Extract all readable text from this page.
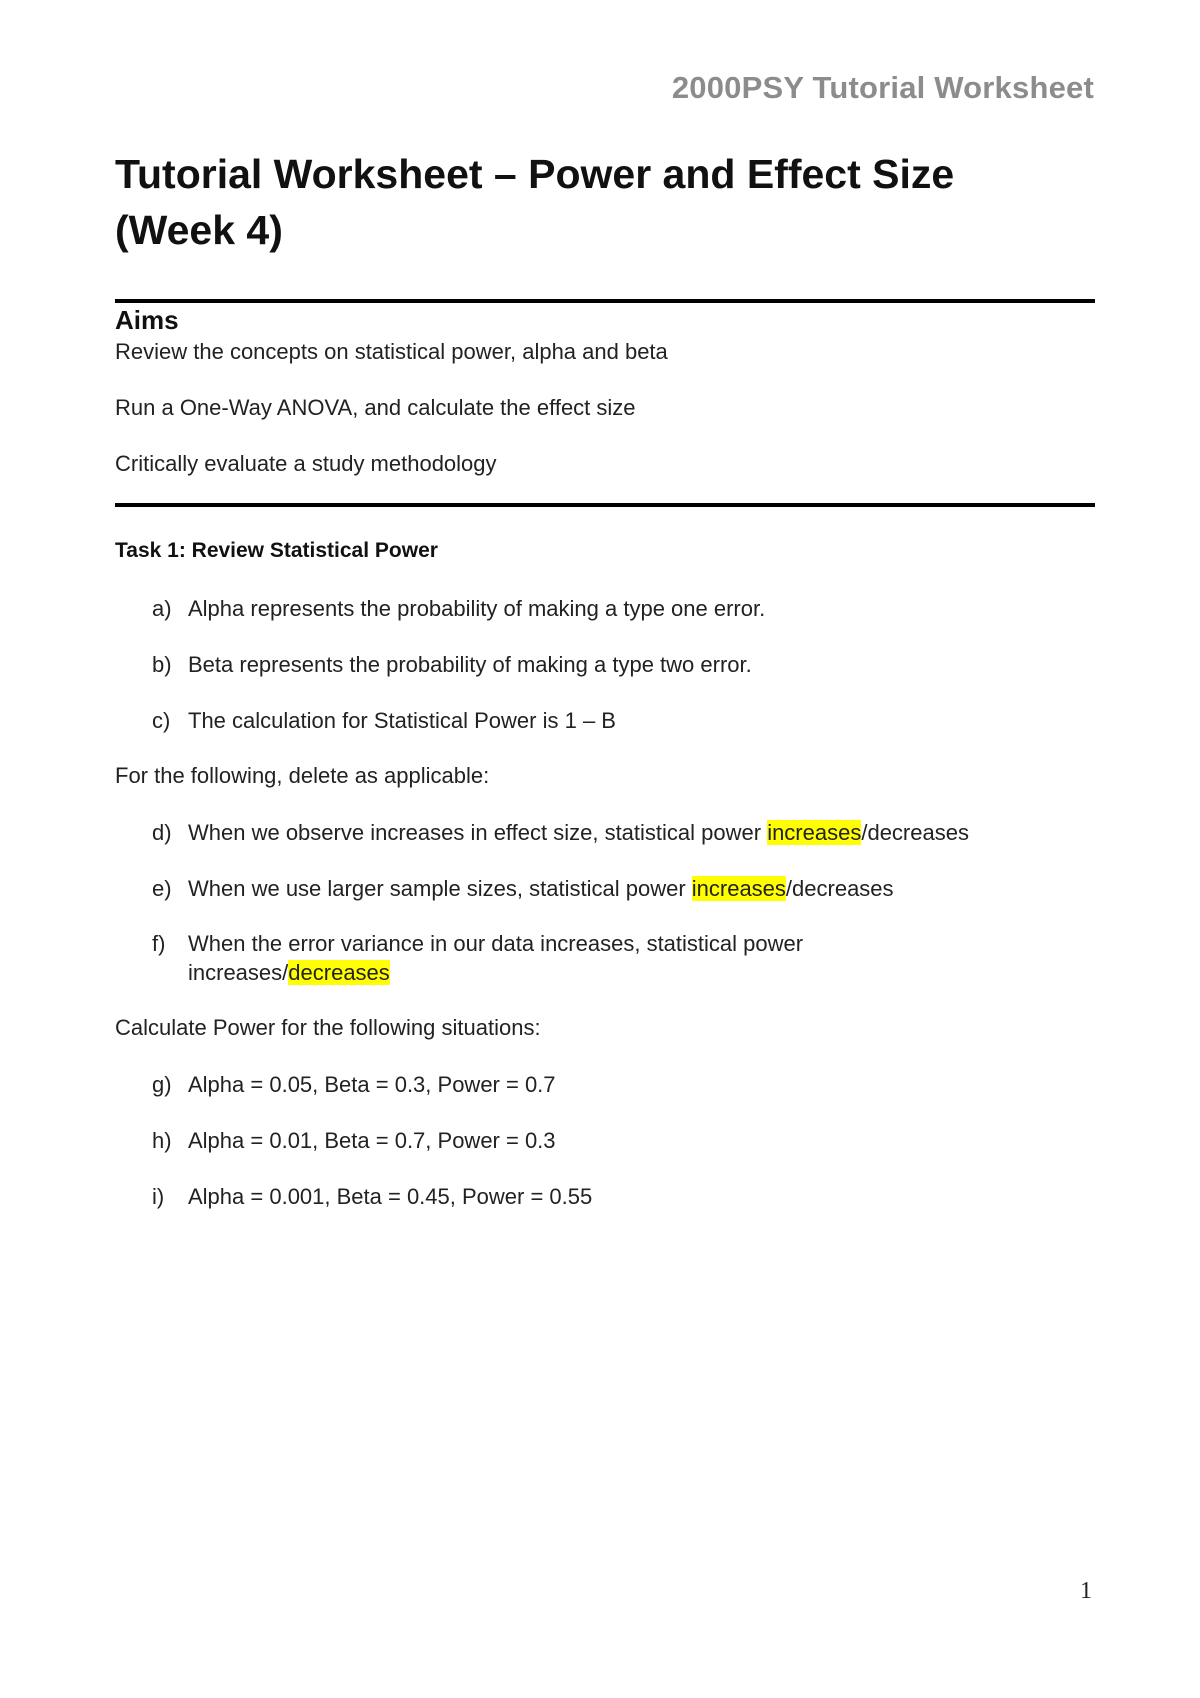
2000PSY Tutorial Worksheet
Tutorial Worksheet – Power and Effect Size
(Week 4)
Aims
Review the concepts on statistical power, alpha and beta
Run a One-Way ANOVA, and calculate the effect size
Critically evaluate a study methodology
Task 1: Review Statistical Power
a) Alpha represents the probability of making a type one error.
b) Beta represents the probability of making a type two error.
c) The calculation for Statistical Power is 1 – B

For the following, delete as applicable:

d) When we observe increases in effect size, statistical power increases/decreases
e) When we use larger sample sizes, statistical power increases/decreases
f)	When the error variance in our data increases, statistical power
increases/decreases

Calculate Power for the following situations:

g) Alpha = 0.05, Beta = 0.3, Power = 0.7
h) Alpha = 0.01, Beta = 0.7, Power = 0.3
i)	Alpha = 0.001, Beta = 0.45, Power = 0.55
1
